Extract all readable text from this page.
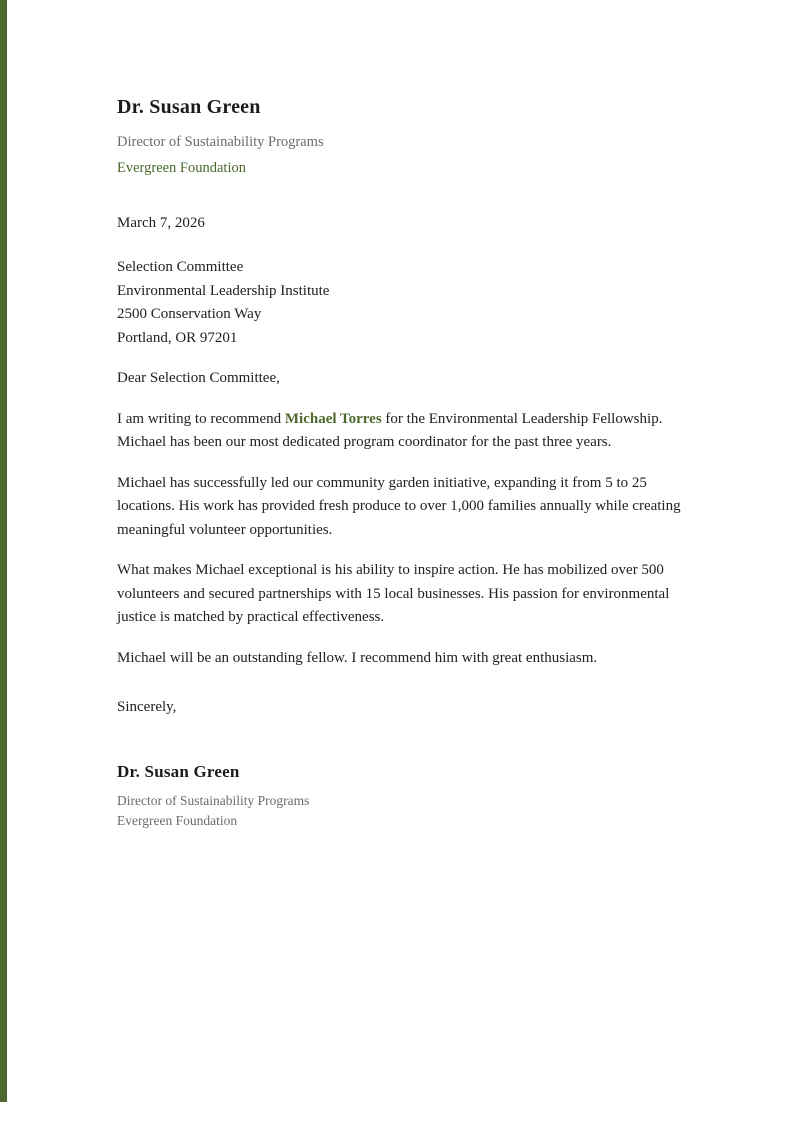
Dr. Susan Green
Director of Sustainability Programs
Evergreen Foundation
March 7, 2026
Selection Committee
Environmental Leadership Institute
2500 Conservation Way
Portland, OR 97201
Dear Selection Committee,

I am writing to recommend Michael Torres for the Environmental Leadership Fellowship. Michael has been our most dedicated program coordinator for the past three years.

Michael has successfully led our community garden initiative, expanding it from 5 to 25 locations. His work has provided fresh produce to over 1,000 families annually while creating meaningful volunteer opportunities.

What makes Michael exceptional is his ability to inspire action. He has mobilized over 500 volunteers and secured partnerships with 15 local businesses. His passion for environmental justice is matched by practical effectiveness.

Michael will be an outstanding fellow. I recommend him with great enthusiasm.

Sincerely,
Dr. Susan Green
Director of Sustainability Programs
Evergreen Foundation
